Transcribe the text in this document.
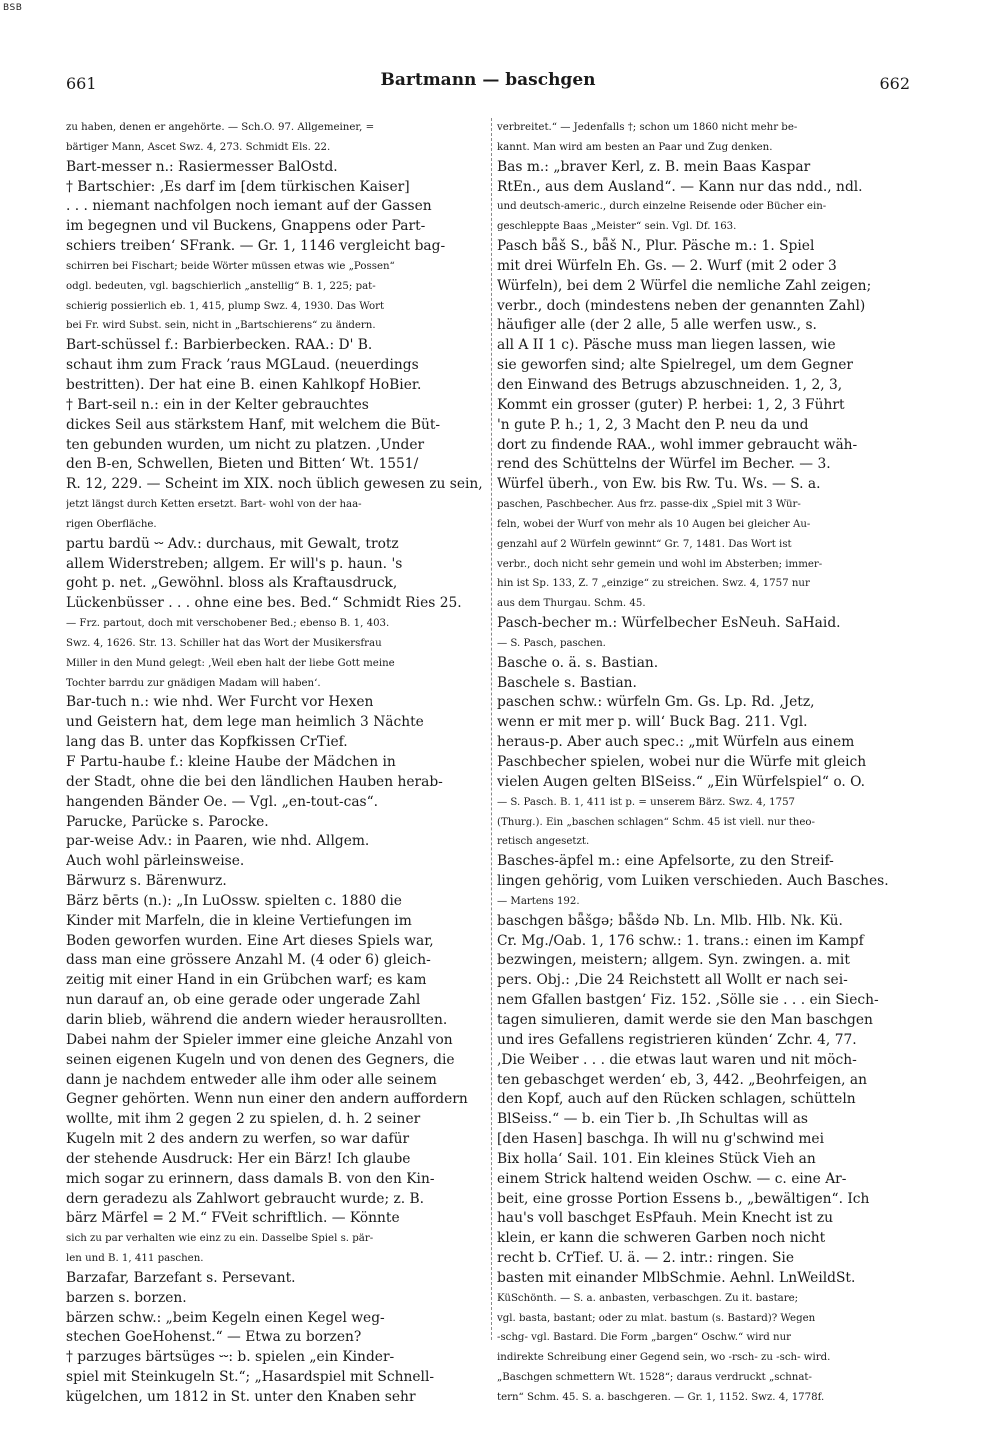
BSB
661	Bartmann — baschgen	662
zu haben, denen er angehörte. — Sch.O. 97. Allgemeiner, =
bärtiger Mann, Ascet Swz. 4, 273. Schmidt Els. 22.
Bart-messer n.: Rasiermesser BalOstd.
† Bartschier: ‚Es darf im [dem türkischen Kaiser]
. . . niemant nachfolgen noch iemant auf der Gassen
im begegnen und vil Buckens, Gnappens oder Part-
schiers treiben‘ SFrank. — Gr. 1, 1146 vergleicht bag-
schirren bei Fischart; beide Wörter müssen etwas wie „Possen“
odgl. bedeuten, vgl. bagschierlich „anstellig“ B. 1, 225; pat-
schierig possierlich eb. 1, 415, plump Swz. 4, 1930. Das Wort
bei Fr. wird Subst. sein, nicht in „Bartschierens“ zu ändern.
Bart-schüssel f.: Barbierbecken. RAA.: D' B.
schaut ihm zum Frack ’raus MGLaud. (neuerdings
bestritten). Der hat eine B. einen Kahlkopf HoBier.
† Bart-seil n.: ein in der Kelter gebrauchtes
dickes Seil aus stärkstem Hanf, mit welchem die Büt-
ten gebunden wurden, um nicht zu platzen. ‚Under
den B-en, Schwellen, Bieten und Bitten‘ Wt. 1551/
R. 12, 229. — Scheint im XIX. noch üblich gewesen zu sein,
jetzt längst durch Ketten ersetzt. Bart- wohl von der haa-
rigen Oberfläche.
partu bardü ⏑⏑ Adv.: durchaus, mit Gewalt, trotz
allem Widerstreben; allgem. Er will's p. haun. 's
goht p. net. „Gewöhnl. bloss als Kraftausdruck,
Lückenbüsser . . . ohne eine bes. Bed.“ Schmidt Ries 25.
— Frz. partout, doch mit verschobener Bed.; ebenso B. 1, 403.
Swz. 4, 1626. Str. 13. Schiller hat das Wort der Musikersfrau
Miller in den Mund gelegt: ‚Weil eben halt der liebe Gott meine
Tochter barrdu zur gnädigen Madam will haben‘.
Bar-tuch n.: wie nhd. Wer Furcht vor Hexen
und Geistern hat, dem lege man heimlich 3 Nächte
lang das B. unter das Kopfkissen CrTief.
F Partu-haube f.: kleine Haube der Mädchen in
der Stadt, ohne die bei den ländlichen Hauben herab-
hangenden Bänder Oe. — Vgl. „en-tout-cas“.
Parucke, Parücke s. Parocke.
par-weise Adv.: in Paaren, wie nhd. Allgem.
Auch wohl pärleinsweise.
Bärwurz s. Bärenwurz.
Bärz bērts (n.): „In LuOssw. spielten c. 1880 die
Kinder mit Marfeln, die in kleine Vertiefungen im
Boden geworfen wurden. Eine Art dieses Spiels war,
dass man eine grössere Anzahl M. (4 oder 6) gleich-
zeitig mit einer Hand in ein Grübchen warf; es kam
nun darauf an, ob eine gerade oder ungerade Zahl
darin blieb, während die andern wieder herausrollten.
Dabei nahm der Spieler immer eine gleiche Anzahl von
seinen eigenen Kugeln und von denen des Gegners, die
dann je nachdem entweder alle ihm oder alle seinem
Gegner gehörten. Wenn nun einer den andern auffordern
wollte, mit ihm 2 gegen 2 zu spielen, d. h. 2 seiner
Kugeln mit 2 des andern zu werfen, so war dafür
der stehende Ausdruck: Her ein Bärz! Ich glaube
mich sogar zu erinnern, dass damals B. von den Kin-
dern geradezu als Zahlwort gebraucht wurde; z. B.
bärz Märfel = 2 M.“ FVeit schriftlich. — Könnte
sich zu par verhalten wie einz zu ein. Dasselbe Spiel s. pär-
len und B. 1, 411 paschen.
Barzafar, Barzefant s. Persevant.
barzen s. borzen.
bärzen schw.: „beim Kegeln einen Kegel weg-
stechen GoeHohenst.“ — Etwa zu borzen?
† parzuges bärtsüges ⏑⏑: b. spielen „ein Kinder-
spiel mit Steinkugeln St.“; „Hasardspiel mit Schnell-
kügelchen, um 1812 in St. unter den Knaben sehr
verbreitet.“ — Jedenfalls †; schon um 1860 nicht mehr be-
kannt. Man wird am besten an Paar und Zug denken.
Bas m.: „braver Kerl, z. B. mein Baas Kaspar
RtEn., aus dem Ausland“. — Kann nur das ndd., ndl.
und deutsch-americ., durch einzelne Reisende oder Bücher ein-
geschleppte Baas „Meister“ sein. Vgl. Df. 163.
Pasch bǟš S., bǟš N., Plur. Päsche m.: 1. Spiel
mit drei Würfeln Eh. Gs. — 2. Wurf (mit 2 oder 3
Würfeln), bei dem 2 Würfel die nemliche Zahl zeigen;
verbr., doch (mindestens neben der genannten Zahl)
häufiger alle (der 2 alle, 5 alle werfen usw., s.
all A II 1 c). Päsche muss man liegen lassen, wie
sie geworfen sind; alte Spielregel, um dem Gegner
den Einwand des Betrugs abzuschneiden. 1, 2, 3,
Kommt ein grosser (guter) P. herbei: 1, 2, 3 Führt
'n gute P. h.; 1, 2, 3 Macht den P. neu da und
dort zu findende RAA., wohl immer gebraucht wäh-
rend des Schüttelns der Würfel im Becher. — 3.
Würfel überh., von Ew. bis Rw. Tu. Ws. — S. a.
paschen, Paschbecher. Aus frz. passe-dix „Spiel mit 3 Wür-
feln, wobei der Wurf von mehr als 10 Augen bei gleicher Au-
genzahl auf 2 Würfeln gewinnt“ Gr. 7, 1481. Das Wort ist
verbr., doch nicht sehr gemein und wohl im Absterben; immer-
hin ist Sp. 133, Z. 7 „einzige“ zu streichen. Swz. 4, 1757 nur
aus dem Thurgau. Schm. 45.
Pasch-becher m.: Würfelbecher EsNeuh. SaHaid.
— S. Pasch, paschen.
Basche o. ä. s. Bastian.
Baschele s. Bastian.
paschen schw.: würfeln Gm. Gs. Lp. Rd. ‚Jetz,
wenn er mit mer p. will‘ Buck Bag. 211. Vgl.
heraus-p. Aber auch spec.: „mit Würfeln aus einem
Paschbecher spielen, wobei nur die Würfe mit gleich
vielen Augen gelten BlSeiss.“ „Ein Würfelspiel“ o. O.
— S. Pasch. B. 1, 411 ist p. = unserem Bärz. Swz. 4, 1757
(Thurg.). Ein „baschen schlagen“ Schm. 45 ist viell. nur theo-
retisch angesetzt.
Basches-äpfel m.: eine Apfelsorte, zu den Streif-
lingen gehörig, vom Luiken verschieden. Auch Basches.
— Martens 192.
baschgen bǟšgə; bǟšdə Nb. Ln. Mlb. Hlb. Nk. Kü.
Cr. Mg./Oab. 1, 176 schw.: 1. trans.: einen im Kampf
bezwingen, meistern; allgem. Syn. zwingen. a. mit
pers. Obj.: ‚Die 24 Reichstett all Wollt er nach sei-
nem Gfallen bastgen‘ Fiz. 152. ‚Sölle sie . . . ein Siech-
tagen simulieren, damit werde sie den Man baschgen
und ires Gefallens registrieren künden‘ Zchr. 4, 77.
‚Die Weiber . . . die etwas laut waren und nit möch-
ten gebaschget werden‘ eb, 3, 442. „Beohrfeigen, an
den Kopf, auch auf den Rücken schlagen, schütteln
BlSeiss.“ — b. ein Tier b. ‚Ih Schultas will as
[den Hasen] baschga. Ih will nu g'schwind mei
Bix holla‘ Sail. 101. Ein kleines Stück Vieh an
einem Strick haltend weiden Oschw. — c. eine Ar-
beit, eine grosse Portion Essens b., „bewältigen“. Ich
hau's voll baschget EsPfauh. Mein Knecht ist zu
klein, er kann die schweren Garben noch nicht
recht b. CrTief. U. ä. — 2. intr.: ringen. Sie
basten mit einander MlbSchmie. Aehnl. LnWeildSt.
KüSchönth. — S. a. anbasten, verbaschgen. Zu it. bastare;
vgl. basta, bastant; oder zu mlat. bastum (s. Bastard)? Wegen
-schg- vgl. Bastard. Die Form „bargen“ Oschw.“ wird nur
indirekte Schreibung einer Gegend sein, wo -rsch- zu -sch- wird.
„Baschgen schmettern Wt. 1528“; daraus verdruckt „schnat-
tern“ Schm. 45. S. a. baschgeren. — Gr. 1, 1152. Swz. 4, 1778f.
